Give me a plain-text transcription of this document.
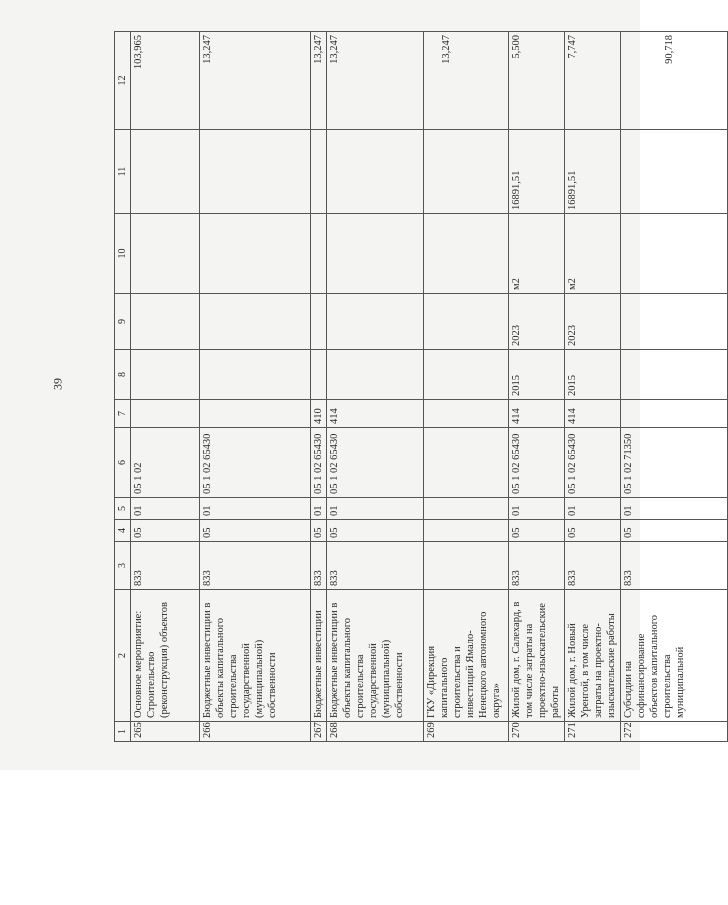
39
1	2	3	4	5	6	7	8	9	10	11	12
265	Основное мероприятие: Строительство (реконструкция) объектов	833	05	01	05 1 02						103,965
266	Бюджетные инвестиции в объекты капитального строительства государственной (муниципальной) собственности	833	05	01	05 1 02 65430						13,247
267	Бюджетные инвестиции	833	05	01	05 1 02 65430	410					13,247
268	Бюджетные инвестиции в объекты капитального строительства государственной (муниципальной) собственности	833	05	01	05 1 02 65430	414					13,247
269	ГКУ «Дирекция капитального строительства и инвестиций Ямало-Ненецкого автономного округа»										13,247
270	Жилой дом, г. Салехард, в том числе затраты на проектно-изыскательские работы	833	05	01	05 1 02 65430	414	2015	2023	м2	16891,51	5,500
271	Жилой дом, г. Новый Уренгой, в том числе затраты на проектно-изыскательские работы	833	05	01	05 1 02 65430	414	2015	2023	м2	16891,51	7,747
272	Субсидии на софинансирование объектов капитального строительства муниципальной	833	05	01	05 1 02 71350						90,718
